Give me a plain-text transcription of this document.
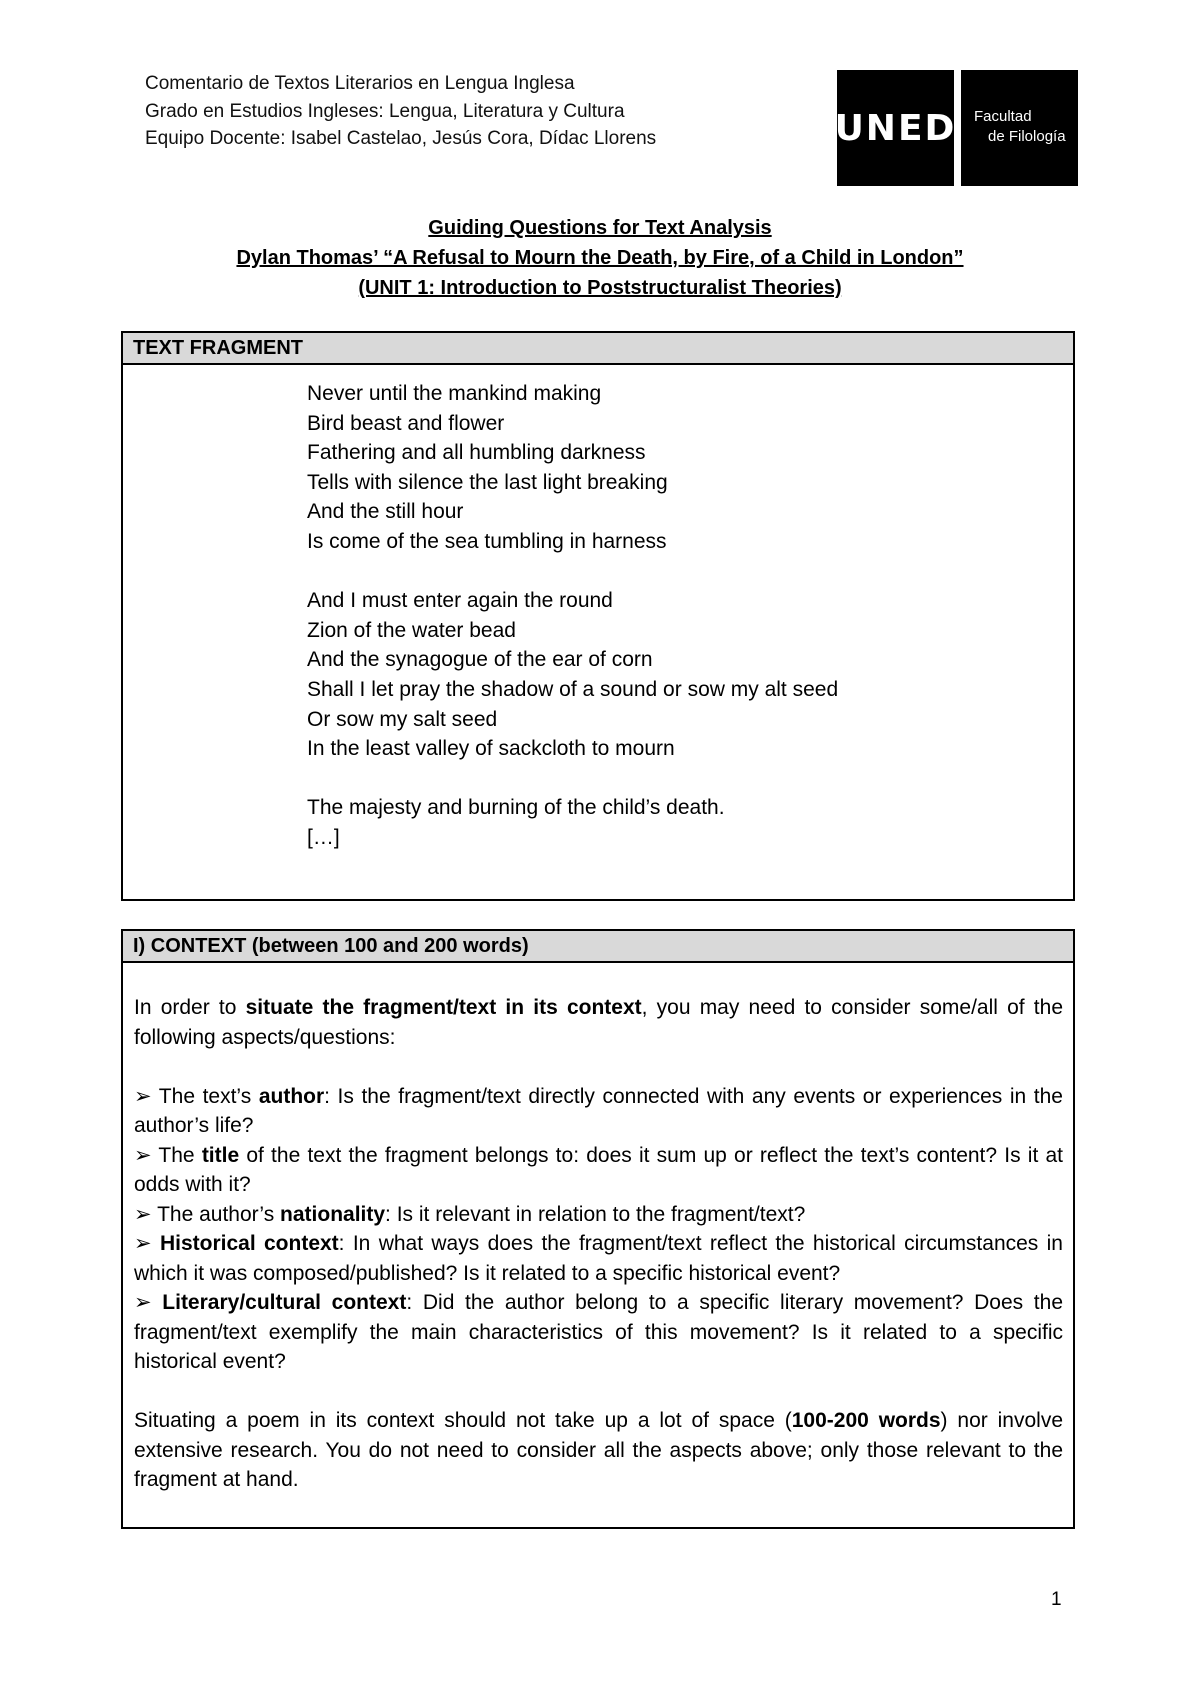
Comentario de Textos Literarios en Lengua Inglesa
Grado en Estudios Ingleses: Lengua, Literatura y Cultura
Equipo Docente: Isabel Castelao, Jesús Cora, Dídac Llorens	UNED Facultad
de Filología
Guiding Questions for Text Analysis
Dylan Thomas’ “A Refusal to Mourn the Death, by Fire, of a Child in London”
(UNIT 1: Introduction to Poststructuralist Theories)
TEXT FRAGMENT
Never until the mankind making
Bird beast and flower
Fathering and all humbling darkness
Tells with silence the last light breaking
And the still hour
Is come of the sea tumbling in harness
And I must enter again the round
Zion of the water bead
And the synagogue of the ear of corn
Shall I let pray the shadow of a sound or sow my alt seed
Or sow my salt seed
In the least valley of sackcloth to mourn
The majesty and burning of the child’s death.
[…]
I) CONTEXT (between 100 and 200 words)

In order to situate the fragment/text in its context, you may need to consider some/all of the following aspects/questions:

➢ The text’s author: Is the fragment/text directly connected with any events or experiences in the author’s life?

➢ The title of the text the fragment belongs to: does it sum up or reflect the text’s content? Is it at odds with it?

➢ The author’s nationality: Is it relevant in relation to the fragment/text?

➢ Historical context: In what ways does the fragment/text reflect the historical circumstances in which it was composed/published? Is it related to a specific historical event?

➢ Literary/cultural context: Did the author belong to a specific literary movement? Does the fragment/text exemplify the main characteristics of this movement? Is it related to a specific historical event?

Situating a poem in its context should not take up a lot of space (100-200 words) nor involve extensive research. You do not need to consider all the aspects above; only those relevant to the fragment at hand.

1
